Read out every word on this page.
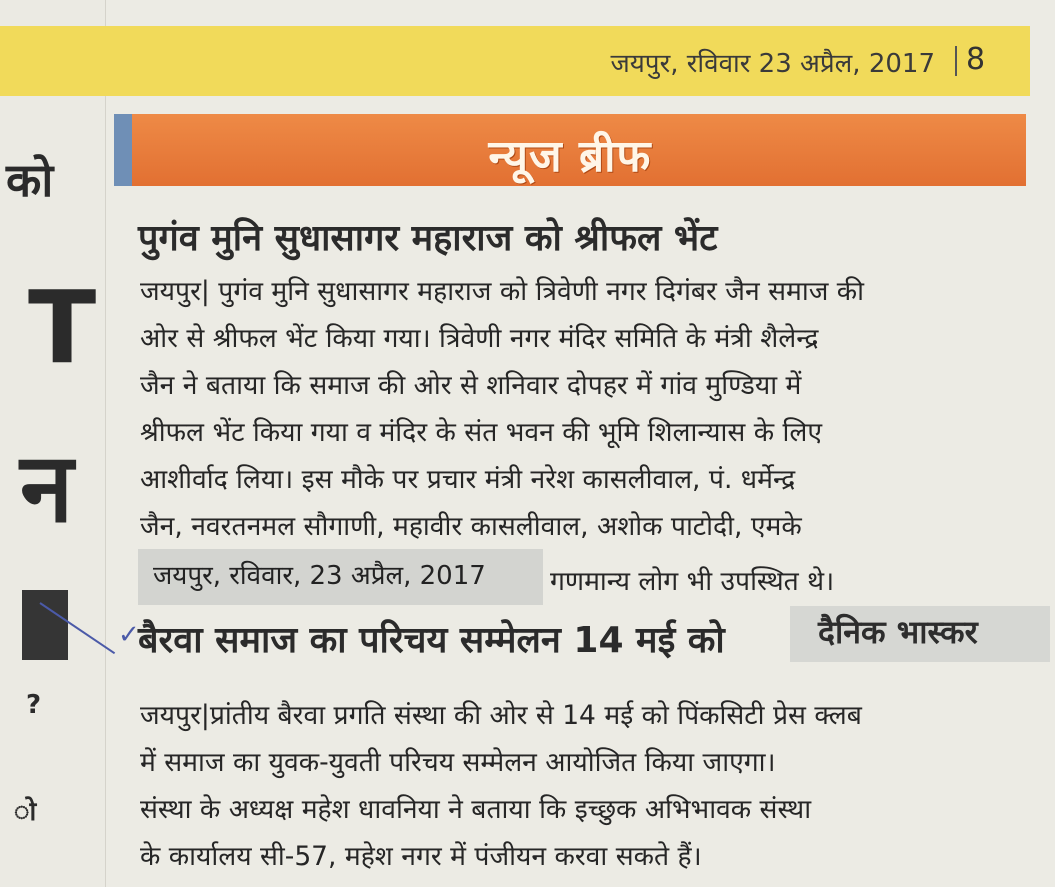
को
T
न
?
ो
जयपुर, रविवार 23 अप्रैल, 2017 8
न्यूज ब्रीफ
पुगंव मुनि सुधासागर महाराज को श्रीफल भेंट
जयपुर| पुगंव मुनि सुधासागर महाराज को त्रिवेणी नगर दिगंबर जैन समाज की
ओर से श्रीफल भेंट किया गया। त्रिवेणी नगर मंदिर समिति के मंत्री शैलेन्द्र
जैन ने बताया कि समाज की ओर से शनिवार दोपहर में गांव मुण्डिया में
श्रीफल भेंट किया गया व मंदिर के संत भवन की भूमि शिलान्यास के लिए
आशीर्वाद लिया। इस मौके पर प्रचार मंत्री नरेश कासलीवाल, पं. धर्मेन्द्र
जैन, नवरतनमल सौगाणी, महावीर कासलीवाल, अशोक पाटोदी, एमके
जयपुर, रविवार, 23 अप्रैल, 2017 गणमान्य लोग भी उपस्थित थे।
✓
बैरवा समाज का परिचय सम्मेलन 14 मई को	दैनिक भास्कर
जयपुर|प्रांतीय बैरवा प्रगति संस्था की ओर से 14 मई को पिंकसिटी प्रेस क्लब
में समाज का युवक-युवती परिचय सम्मेलन आयोजित किया जाएगा।
संस्था के अध्यक्ष महेश धावनिया ने बताया कि इच्छुक अभिभावक संस्था
के कार्यालय सी-57, महेश नगर में पंजीयन करवा सकते हैं।
